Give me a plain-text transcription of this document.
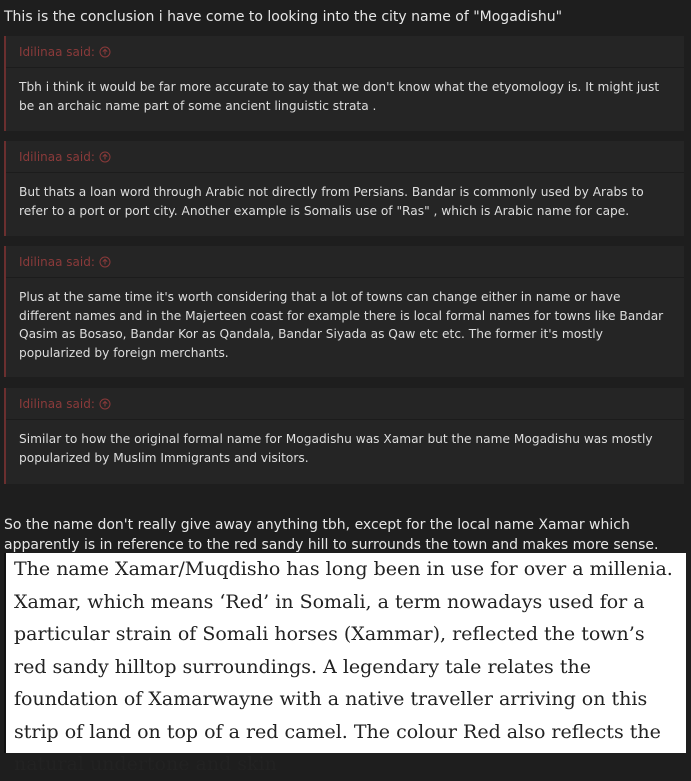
This is the conclusion i have come to looking into the city name of "Mogadishu"
Idilinaa said:
Tbh i think it would be far more accurate to say that we don't know what the etyomology is. It might just be an archaic name part of some ancient linguistic strata .
Idilinaa said:
But thats a loan word through Arabic not directly from Persians. Bandar is commonly used by Arabs to refer to a port or port city. Another example is Somalis use of "Ras" , which is Arabic name for cape.
Idilinaa said:
Plus at the same time it's worth considering that a lot of towns can change either in name or have different names and in the Majerteen coast for example there is local formal names for towns like Bandar Qasim as Bosaso, Bandar Kor as Qandala, Bandar Siyada as Qaw etc etc. The former it's mostly popularized by foreign merchants.
Idilinaa said:
Similar to how the original formal name for Mogadishu was Xamar but the name Mogadishu was mostly popularized by Muslim Immigrants and visitors.
So the name don't really give away anything tbh, except for the local name Xamar which apparently is in reference to the red sandy hill to surrounds the town and makes more sense.
The name Xamar/Muqdisho has long been in use for over a millenia. Xamar, which means ‘Red’ in Somali, a term nowadays used for a particular strain of Somali horses (Xammar), reflected the town’s red sandy hilltop surroundings. A legendary tale relates the foundation of Xamarwayne with a native traveller arriving on this strip of land on top of a red camel. The colour Red also reflects the natural undertone and skin
